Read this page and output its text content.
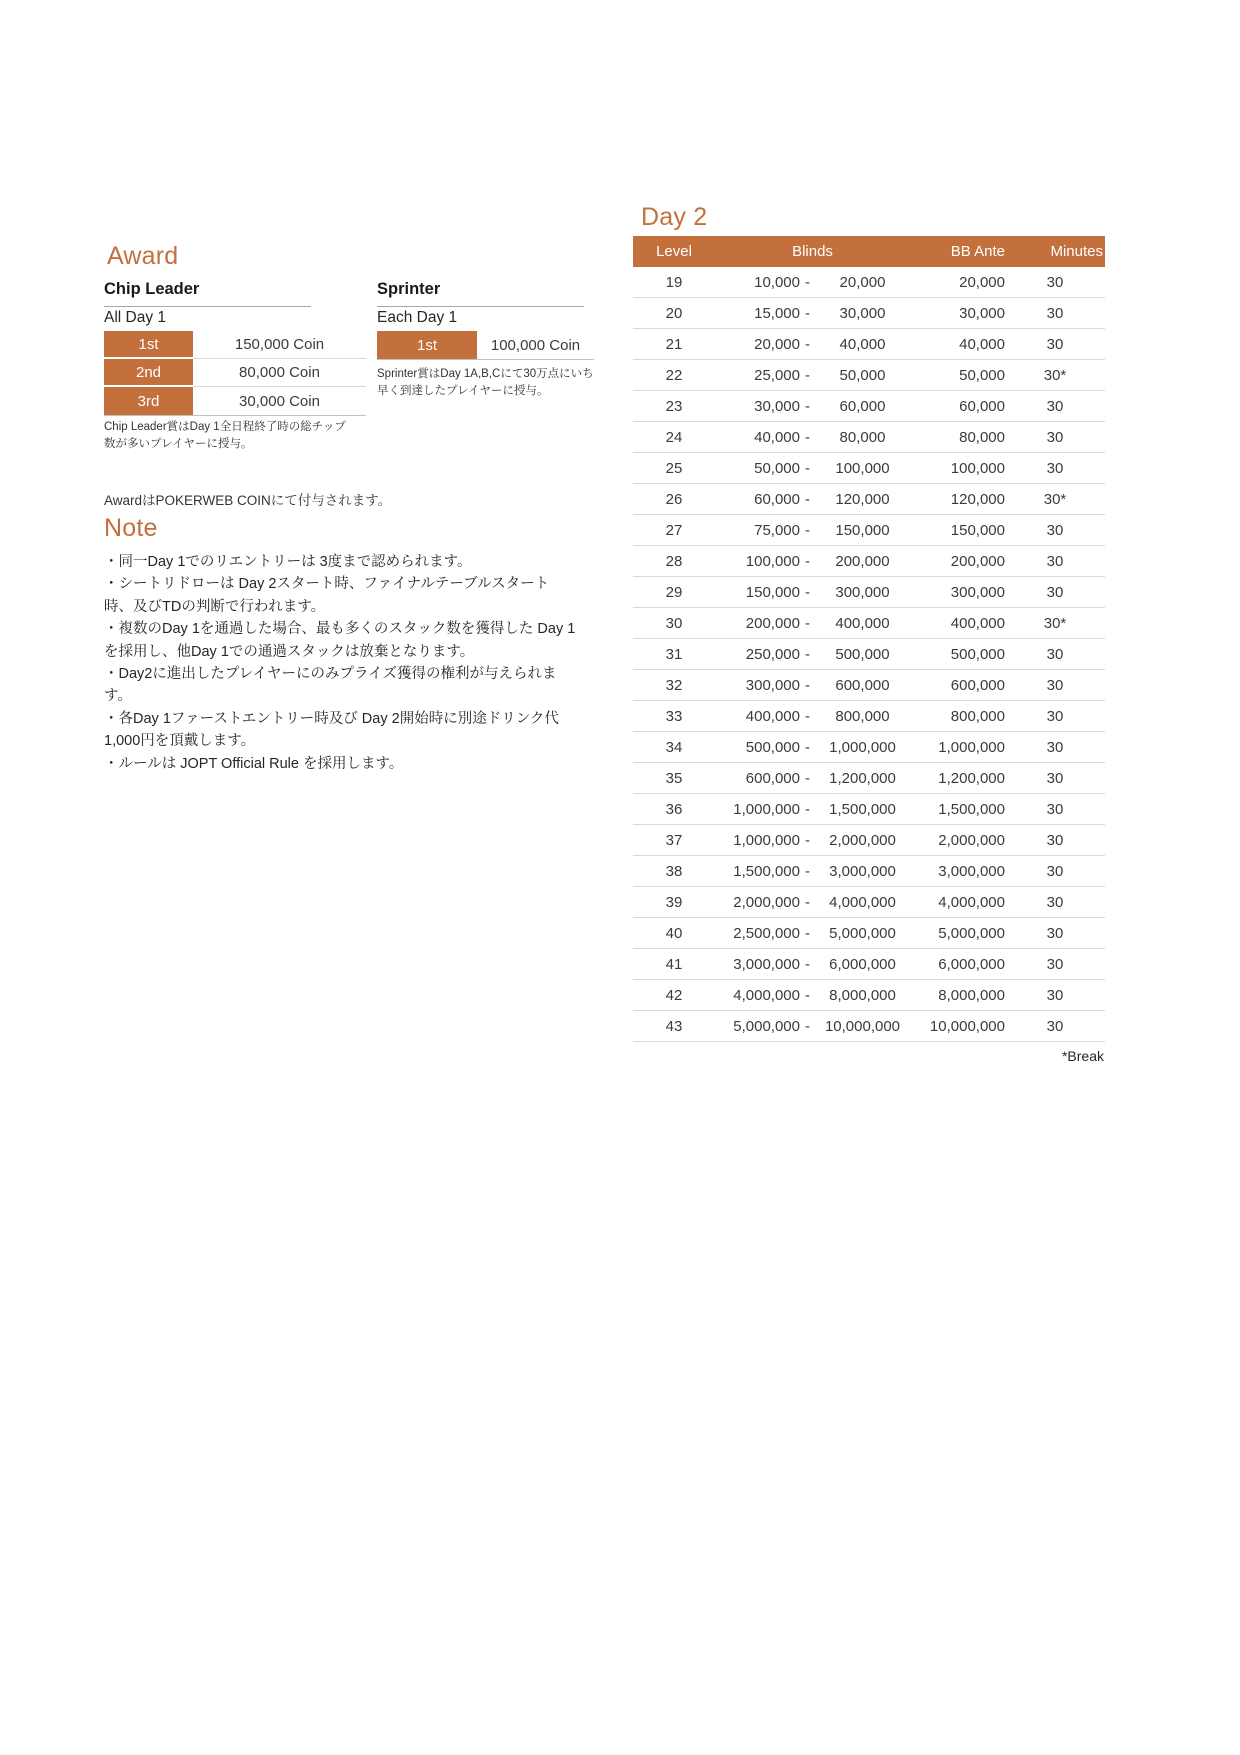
Award
Chip Leader
All Day 1
1st	150,000 Coin
2nd	80,000 Coin
3rd	30,000 Coin
Chip Leader賞はDay 1全日程終了時の総チップ数が多いプレイヤーに授与。
Sprinter
Each Day 1
1st	100,000 Coin
Sprinter賞はDay 1A,B,Cにて30万点にいち早く到達したプレイヤーに授与。
AwardはPOKERWEB COINにて付与されます。
Note
・同一Day 1でのリエントリーは 3度まで認められます。
・シートリドローは Day 2スタート時、ファイナルテーブルスタート時、及びTDの判断で行われます。
・複数のDay 1を通過した場合、最も多くのスタック数を獲得した Day 1を採用し、他Day 1での通過スタックは放棄となります。
・Day2に進出したプレイヤーにのみプライズ獲得の権利が与えられます。
・各Day 1ファーストエントリー時及び Day 2開始時に別途ドリンク代 1,000円を頂戴します。
・ルールは JOPT Official Rule を採用します。
Day 2
Level	Blinds	BB Ante	Minutes
19	10,000 -	20,000	20,000	30
20	15,000 -	30,000	30,000	30
21	20,000 -	40,000	40,000	30
22	25,000 -	50,000	50,000	30*
23	30,000 -	60,000	60,000	30
24	40,000 -	80,000	80,000	30
25	50,000 -	100,000	100,000	30
26	60,000 -	120,000	120,000	30*
27	75,000 -	150,000	150,000	30
28	100,000 -	200,000	200,000	30
29	150,000 -	300,000	300,000	30
30	200,000 -	400,000	400,000	30*
31	250,000 -	500,000	500,000	30
32	300,000 -	600,000	600,000	30
33	400,000 -	800,000	800,000	30
34	500,000 -	1,000,000	1,000,000	30
35	600,000 -	1,200,000	1,200,000	30
36	1,000,000 -	1,500,000	1,500,000	30
37	1,000,000 -	2,000,000	2,000,000	30
38	1,500,000 -	3,000,000	3,000,000	30
39	2,000,000 -	4,000,000	4,000,000	30
40	2,500,000 -	5,000,000	5,000,000	30
41	3,000,000 -	6,000,000	6,000,000	30
42	4,000,000 -	8,000,000	8,000,000	30
43	5,000,000 - 10,000,000	10,000,000	30
*Break
